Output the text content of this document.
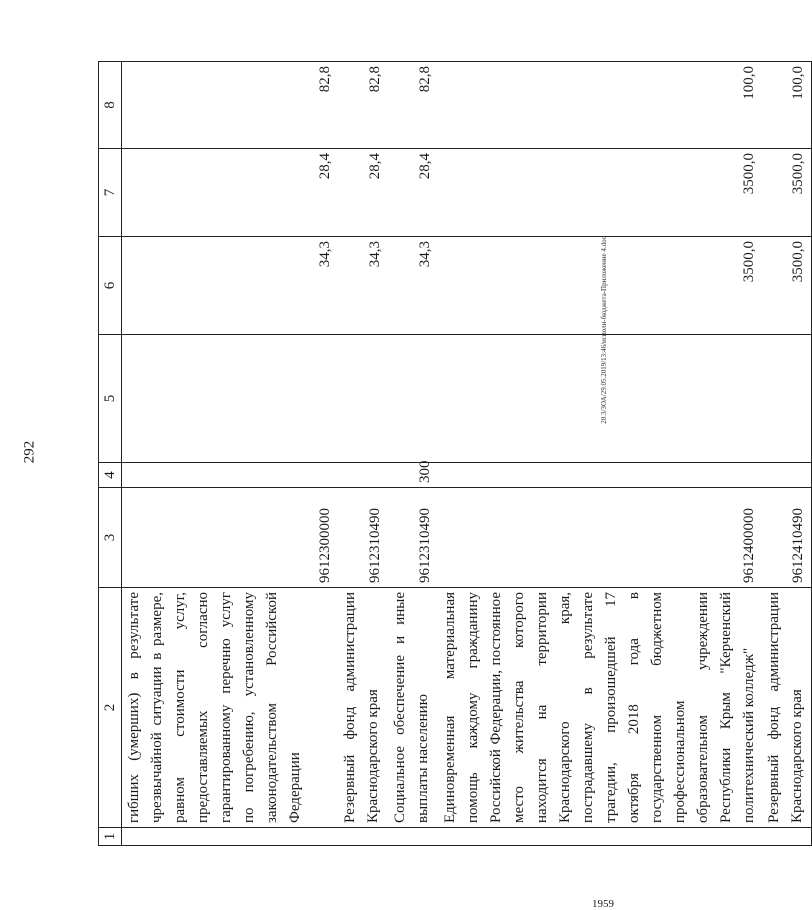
292
20.3/ЗОА/29.05.2019/13:46/исполн-бюджета-Приложение 4.doc
1959
1	2	3	4	5	6	7	8
	гибших (умерших) в результате чрезвычайной ситуации в размере, равном стоимости услуг, предоставляемых согласно гарантированному перечню услуг по погребению, установленному законодательством Российской Федерации	9612300000			34,3	28,4	82,8
	Резервный фонд администрации Краснодарского края	9612310490			34,3	28,4	82,8
	Социальное обеспечение и иные выплаты населению	9612310490	300		34,3	28,4	82,8
	Единовременная материальная помощь каждому гражданину Российской Федерации, постоянное место жительства которого находится на территории Краснодарского края, пострадавшему в результате трагедии, произошедшей 17 октября 2018 года в государственном бюджетном профессиональном образовательном учреждении Республики Крым "Керченский политехнический колледж"	9612400000			3500,0	3500,0	100,0
	Резервный фонд администрации Краснодарского края	9612410490			3500,0	3500,0	100,0
